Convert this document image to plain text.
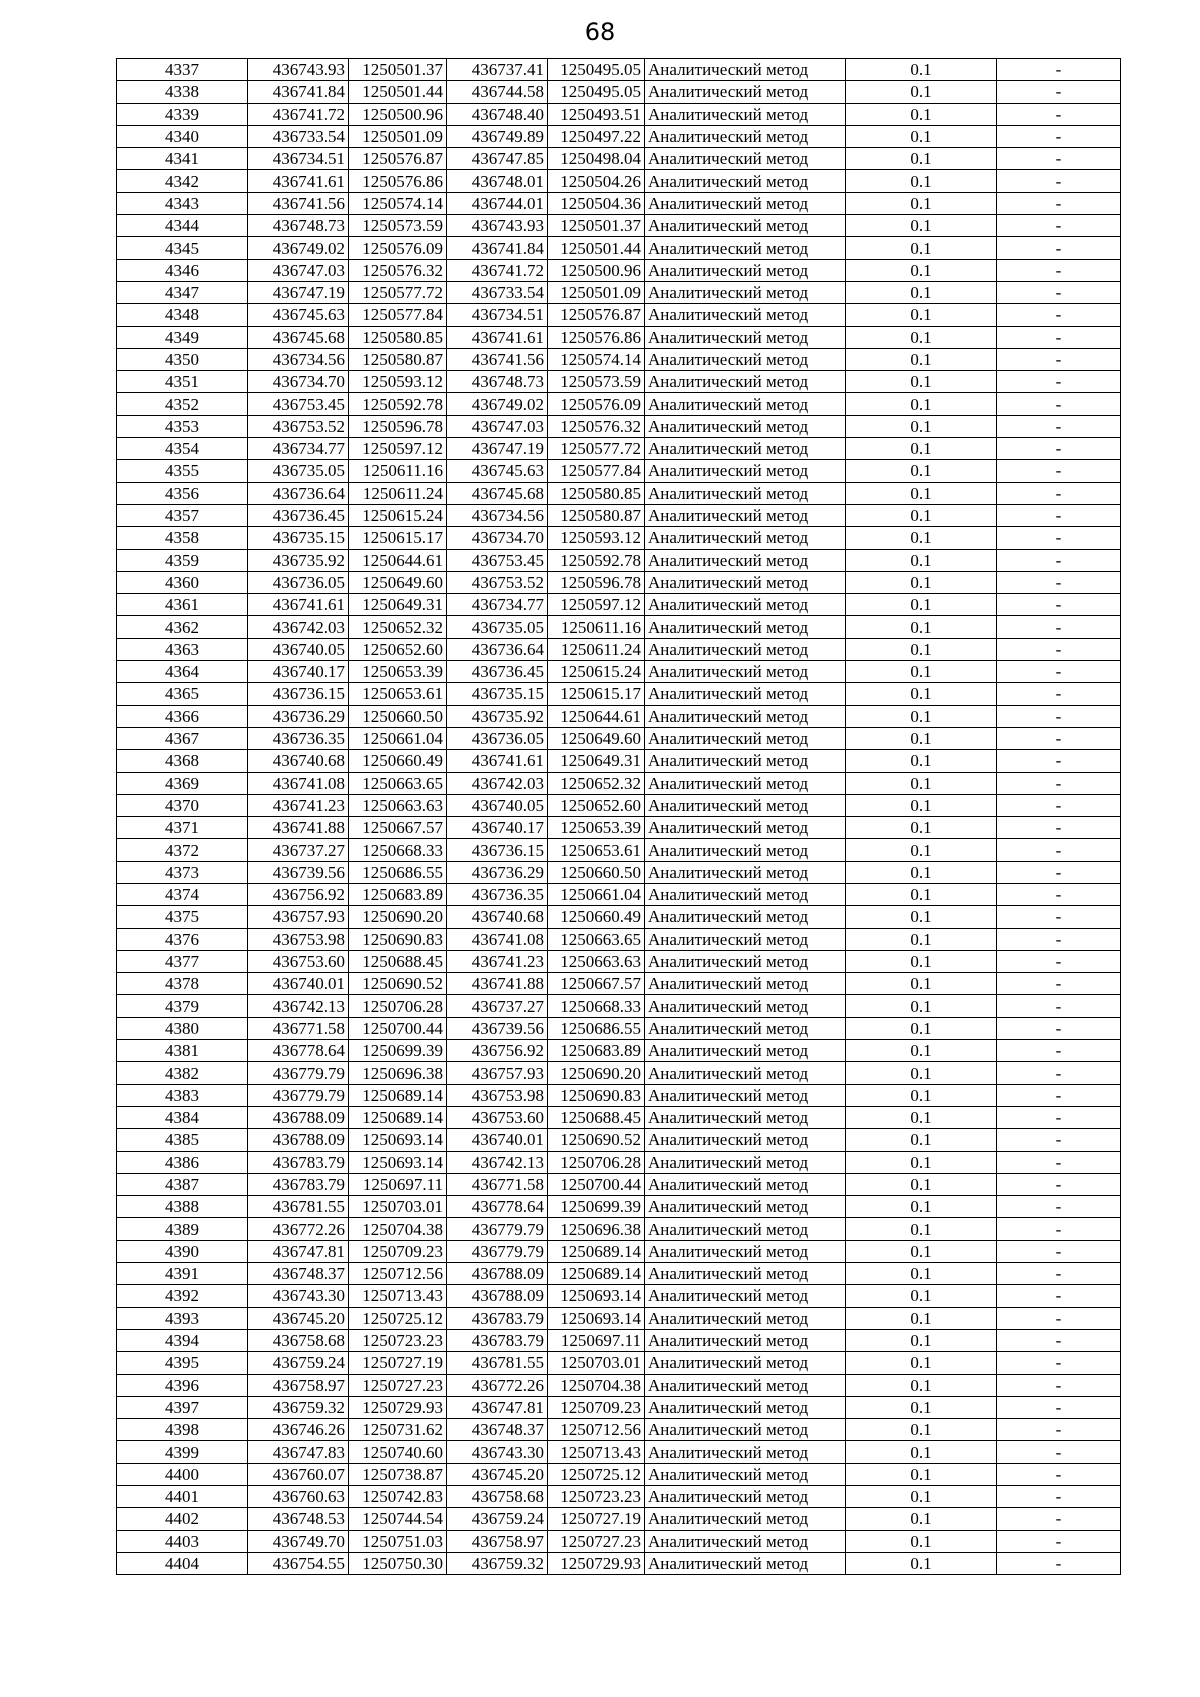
68
4337	436743.93	1250501.37	436737.41	1250495.05	Аналитический метод	0.1	-
4338	436741.84	1250501.44	436744.58	1250495.05	Аналитический метод	0.1	-
4339	436741.72	1250500.96	436748.40	1250493.51	Аналитический метод	0.1	-
4340	436733.54	1250501.09	436749.89	1250497.22	Аналитический метод	0.1	-
4341	436734.51	1250576.87	436747.85	1250498.04	Аналитический метод	0.1	-
4342	436741.61	1250576.86	436748.01	1250504.26	Аналитический метод	0.1	-
4343	436741.56	1250574.14	436744.01	1250504.36	Аналитический метод	0.1	-
4344	436748.73	1250573.59	436743.93	1250501.37	Аналитический метод	0.1	-
4345	436749.02	1250576.09	436741.84	1250501.44	Аналитический метод	0.1	-
4346	436747.03	1250576.32	436741.72	1250500.96	Аналитический метод	0.1	-
4347	436747.19	1250577.72	436733.54	1250501.09	Аналитический метод	0.1	-
4348	436745.63	1250577.84	436734.51	1250576.87	Аналитический метод	0.1	-
4349	436745.68	1250580.85	436741.61	1250576.86	Аналитический метод	0.1	-
4350	436734.56	1250580.87	436741.56	1250574.14	Аналитический метод	0.1	-
4351	436734.70	1250593.12	436748.73	1250573.59	Аналитический метод	0.1	-
4352	436753.45	1250592.78	436749.02	1250576.09	Аналитический метод	0.1	-
4353	436753.52	1250596.78	436747.03	1250576.32	Аналитический метод	0.1	-
4354	436734.77	1250597.12	436747.19	1250577.72	Аналитический метод	0.1	-
4355	436735.05	1250611.16	436745.63	1250577.84	Аналитический метод	0.1	-
4356	436736.64	1250611.24	436745.68	1250580.85	Аналитический метод	0.1	-
4357	436736.45	1250615.24	436734.56	1250580.87	Аналитический метод	0.1	-
4358	436735.15	1250615.17	436734.70	1250593.12	Аналитический метод	0.1	-
4359	436735.92	1250644.61	436753.45	1250592.78	Аналитический метод	0.1	-
4360	436736.05	1250649.60	436753.52	1250596.78	Аналитический метод	0.1	-
4361	436741.61	1250649.31	436734.77	1250597.12	Аналитический метод	0.1	-
4362	436742.03	1250652.32	436735.05	1250611.16	Аналитический метод	0.1	-
4363	436740.05	1250652.60	436736.64	1250611.24	Аналитический метод	0.1	-
4364	436740.17	1250653.39	436736.45	1250615.24	Аналитический метод	0.1	-
4365	436736.15	1250653.61	436735.15	1250615.17	Аналитический метод	0.1	-
4366	436736.29	1250660.50	436735.92	1250644.61	Аналитический метод	0.1	-
4367	436736.35	1250661.04	436736.05	1250649.60	Аналитический метод	0.1	-
4368	436740.68	1250660.49	436741.61	1250649.31	Аналитический метод	0.1	-
4369	436741.08	1250663.65	436742.03	1250652.32	Аналитический метод	0.1	-
4370	436741.23	1250663.63	436740.05	1250652.60	Аналитический метод	0.1	-
4371	436741.88	1250667.57	436740.17	1250653.39	Аналитический метод	0.1	-
4372	436737.27	1250668.33	436736.15	1250653.61	Аналитический метод	0.1	-
4373	436739.56	1250686.55	436736.29	1250660.50	Аналитический метод	0.1	-
4374	436756.92	1250683.89	436736.35	1250661.04	Аналитический метод	0.1	-
4375	436757.93	1250690.20	436740.68	1250660.49	Аналитический метод	0.1	-
4376	436753.98	1250690.83	436741.08	1250663.65	Аналитический метод	0.1	-
4377	436753.60	1250688.45	436741.23	1250663.63	Аналитический метод	0.1	-
4378	436740.01	1250690.52	436741.88	1250667.57	Аналитический метод	0.1	-
4379	436742.13	1250706.28	436737.27	1250668.33	Аналитический метод	0.1	-
4380	436771.58	1250700.44	436739.56	1250686.55	Аналитический метод	0.1	-
4381	436778.64	1250699.39	436756.92	1250683.89	Аналитический метод	0.1	-
4382	436779.79	1250696.38	436757.93	1250690.20	Аналитический метод	0.1	-
4383	436779.79	1250689.14	436753.98	1250690.83	Аналитический метод	0.1	-
4384	436788.09	1250689.14	436753.60	1250688.45	Аналитический метод	0.1	-
4385	436788.09	1250693.14	436740.01	1250690.52	Аналитический метод	0.1	-
4386	436783.79	1250693.14	436742.13	1250706.28	Аналитический метод	0.1	-
4387	436783.79	1250697.11	436771.58	1250700.44	Аналитический метод	0.1	-
4388	436781.55	1250703.01	436778.64	1250699.39	Аналитический метод	0.1	-
4389	436772.26	1250704.38	436779.79	1250696.38	Аналитический метод	0.1	-
4390	436747.81	1250709.23	436779.79	1250689.14	Аналитический метод	0.1	-
4391	436748.37	1250712.56	436788.09	1250689.14	Аналитический метод	0.1	-
4392	436743.30	1250713.43	436788.09	1250693.14	Аналитический метод	0.1	-
4393	436745.20	1250725.12	436783.79	1250693.14	Аналитический метод	0.1	-
4394	436758.68	1250723.23	436783.79	1250697.11	Аналитический метод	0.1	-
4395	436759.24	1250727.19	436781.55	1250703.01	Аналитический метод	0.1	-
4396	436758.97	1250727.23	436772.26	1250704.38	Аналитический метод	0.1	-
4397	436759.32	1250729.93	436747.81	1250709.23	Аналитический метод	0.1	-
4398	436746.26	1250731.62	436748.37	1250712.56	Аналитический метод	0.1	-
4399	436747.83	1250740.60	436743.30	1250713.43	Аналитический метод	0.1	-
4400	436760.07	1250738.87	436745.20	1250725.12	Аналитический метод	0.1	-
4401	436760.63	1250742.83	436758.68	1250723.23	Аналитический метод	0.1	-
4402	436748.53	1250744.54	436759.24	1250727.19	Аналитический метод	0.1	-
4403	436749.70	1250751.03	436758.97	1250727.23	Аналитический метод	0.1	-
4404	436754.55	1250750.30	436759.32	1250729.93	Аналитический метод	0.1	-
